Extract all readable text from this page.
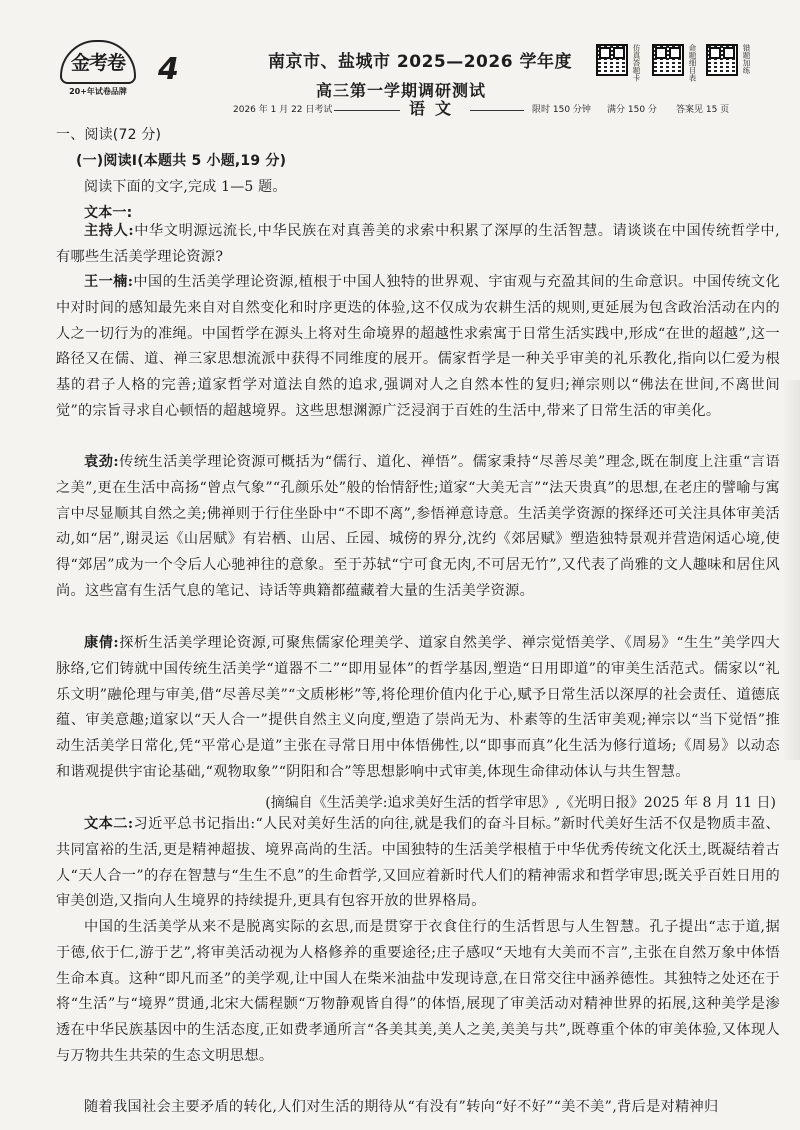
金考卷
20+年试卷品牌
4	南京市、盐城市 2025—2026 学年度
高三第一学期调研测试
仿真答题卡	命题细目表	错题加练
2026 年 1 月 22 日考试	语文	限时 150 分钟 满分 150 分 答案见 15 页
一、阅读(72 分)
(一)阅读Ⅰ(本题共 5 小题,19 分)
阅读下面的文字,完成 1—5 题。
文本一:
主持人:中华文明源远流长,中华民族在对真善美的求索中积累了深厚的生活智慧。请谈谈在中国传统哲学中,有哪些生活美学理论资源?
王一楠:中国的生活美学理论资源,植根于中国人独特的世界观、宇宙观与充盈其间的生命意识。中国传统文化中对时间的感知最先来自对自然变化和时序更迭的体验,这不仅成为农耕生活的规则,更延展为包含政治活动在内的人之一切行为的准绳。中国哲学在源头上将对生命境界的超越性求索寓于日常生活实践中,形成“在世的超越”,这一路径又在儒、道、禅三家思想流派中获得不同维度的展开。儒家哲学是一种关乎审美的礼乐教化,指向以仁爱为根基的君子人格的完善;道家哲学对道法自然的追求,强调对人之自然本性的复归;禅宗则以“佛法在世间,不离世间觉”的宗旨寻求自心顿悟的超越境界。这些思想渊源广泛浸润于百姓的生活中,带来了日常生活的审美化。
袁劲:传统生活美学理论资源可概括为“儒行、道化、禅悟”。儒家秉持“尽善尽美”理念,既在制度上注重“言语之美”,更在生活中高扬“曾点气象”“孔颜乐处”般的怡情舒性;道家“大美无言”“法天贵真”的思想,在老庄的譬喻与寓言中尽显顺其自然之美;佛禅则于行住坐卧中“不即不离”,参悟禅意诗意。生活美学资源的探绎还可关注具体审美活动,如“居”,谢灵运《山居赋》有岩栖、山居、丘园、城傍的界分,沈约《郊居赋》塑造独特景观并营造闲适心境,使得“郊居”成为一个令后人心驰神往的意象。至于苏轼“宁可食无肉,不可居无竹”,又代表了尚雅的文人趣味和居住风尚。这些富有生活气息的笔记、诗话等典籍都蕴藏着大量的生活美学资源。
康倩:探析生活美学理论资源,可聚焦儒家伦理美学、道家自然美学、禅宗觉悟美学、《周易》“生生”美学四大脉络,它们铸就中国传统生活美学“道器不二”“即用显体”的哲学基因,塑造“日用即道”的审美生活范式。儒家以“礼乐文明”融伦理与审美,借“尽善尽美”“文质彬彬”等,将伦理价值内化于心,赋予日常生活以深厚的社会责任、道德底蕴、审美意趣;道家以“天人合一”提供自然主义向度,塑造了崇尚无为、朴素等的生活审美观;禅宗以“当下觉悟”推动生活美学日常化,凭“平常心是道”主张在寻常日用中体悟佛性,以“即事而真”化生活为修行道场;《周易》以动态和谐观提供宇宙论基础,“观物取象”“阴阳和合”等思想影响中式审美,体现生命律动体认与共生智慧。
(摘编自《生活美学:追求美好生活的哲学审思》,《光明日报》2025 年 8 月 11 日)
文本二:习近平总书记指出:“人民对美好生活的向往,就是我们的奋斗目标。”新时代美好生活不仅是物质丰盈、共同富裕的生活,更是精神超拔、境界高尚的生活。中国独特的生活美学根植于中华优秀传统文化沃土,既凝结着古人“天人合一”的存在智慧与“生生不息”的生命哲学,又回应着新时代人们的精神需求和哲学审思;既关乎百姓日用的审美创造,又指向人生境界的持续提升,更具有包容开放的世界格局。
中国的生活美学从来不是脱离实际的玄思,而是贯穿于衣食住行的生活哲思与人生智慧。孔子提出“志于道,据于德,依于仁,游于艺”,将审美活动视为人格修养的重要途径;庄子感叹“天地有大美而不言”,主张在自然万象中体悟生命本真。这种“即凡而圣”的美学观,让中国人在柴米油盐中发现诗意,在日常交往中涵养德性。其独特之处还在于将“生活”与“境界”贯通,北宋大儒程颢“万物静观皆自得”的体悟,展现了审美活动对精神世界的拓展,这种美学是渗透在中华民族基因中的生活态度,正如费孝通所言“各美其美,美人之美,美美与共”,既尊重个体的审美体验,又体现人与万物共生共荣的生态文明思想。
随着我国社会主要矛盾的转化,人们对生活的期待从“有没有”转向“好不好”“美不美”,背后是对精神归
